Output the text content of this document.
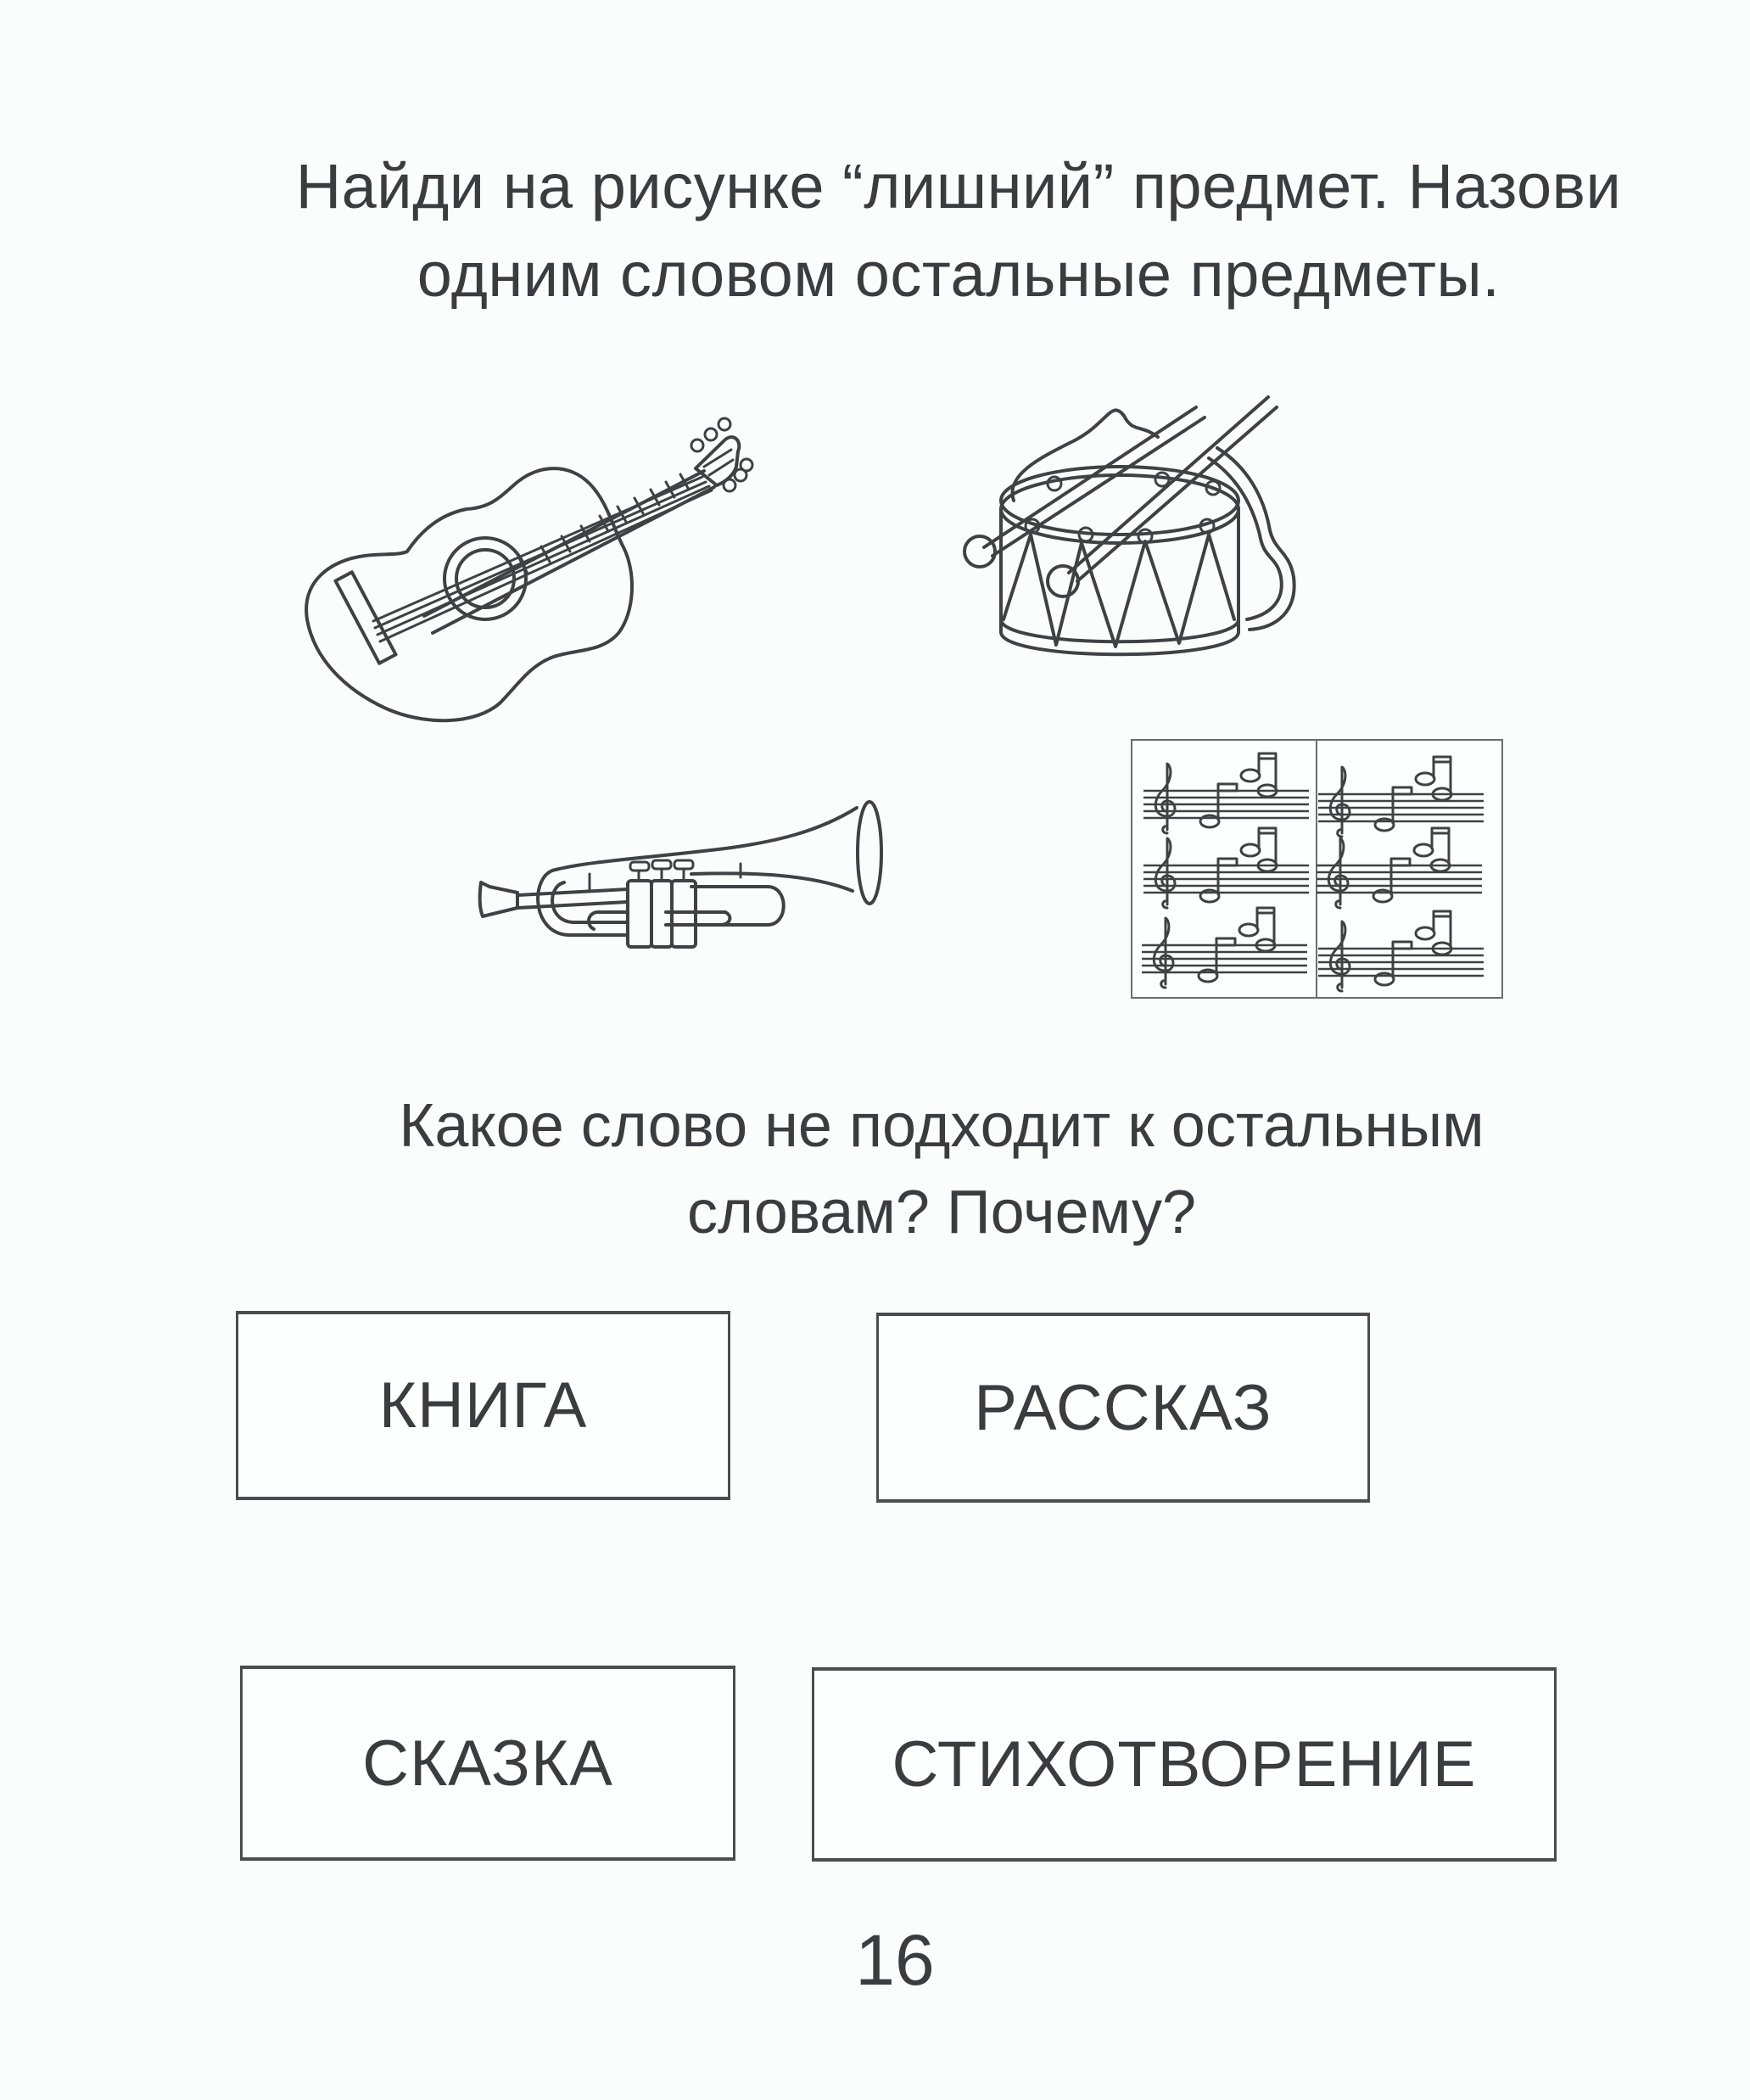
Найди на рисунке “лишний” предмет. Назови
одним словом остальные предметы.
Какое слово не подходит к остальным
словам? Почему?
КНИГА	РАССКАЗ
СКАЗКА	СТИХОТВОРЕНИЕ
16
